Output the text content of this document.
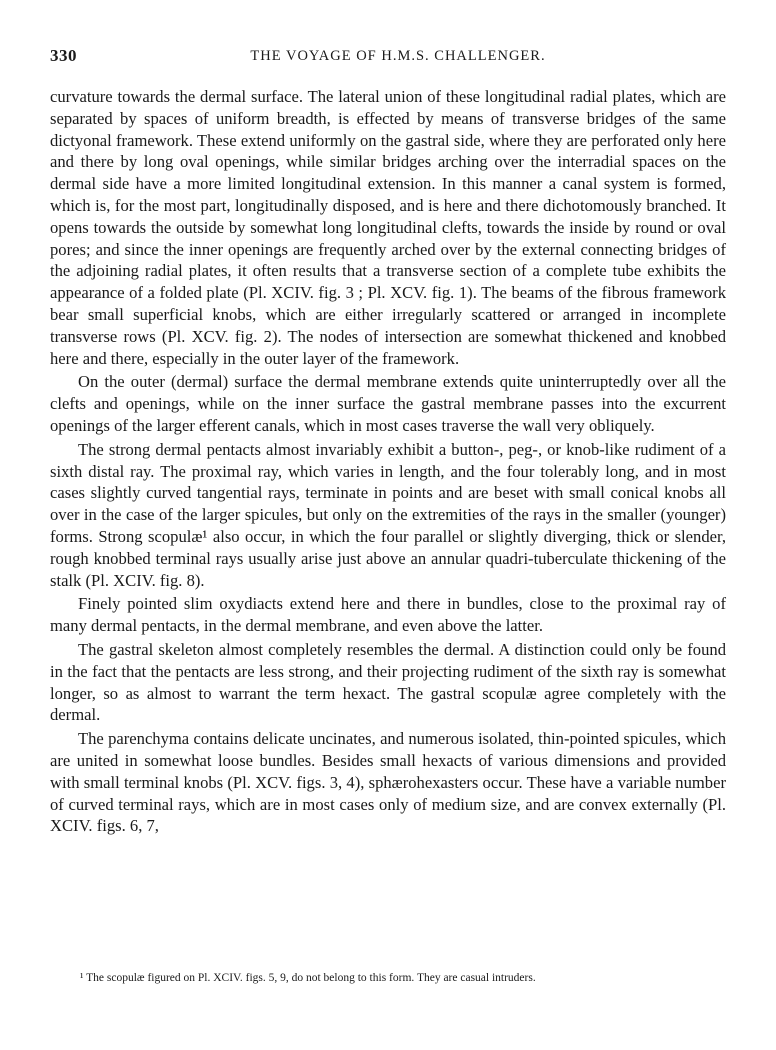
330	THE VOYAGE OF H.M.S. CHALLENGER.

curvature towards the dermal surface. The lateral union of these longitudinal radial plates, which are separated by spaces of uniform breadth, is effected by means of transverse bridges of the same dictyonal framework. These extend uniformly on the gastral side, where they are perforated only here and there by long oval openings, while similar bridges arching over the interradial spaces on the dermal side have a more limited longitudinal extension. In this manner a canal system is formed, which is, for the most part, longitudinally disposed, and is here and there dichotomously branched. It opens towards the outside by somewhat long longitudinal clefts, towards the inside by round or oval pores; and since the inner openings are frequently arched over by the external connecting bridges of the adjoining radial plates, it often results that a transverse section of a complete tube exhibits the appearance of a folded plate (Pl. XCIV. fig. 3 ; Pl. XCV. fig. 1). The beams of the fibrous framework bear small superficial knobs, which are either irregularly scattered or arranged in incomplete transverse rows (Pl. XCV. fig. 2). The nodes of intersection are somewhat thickened and knobbed here and there, especially in the outer layer of the framework.

On the outer (dermal) surface the dermal membrane extends quite uninterruptedly over all the clefts and openings, while on the inner surface the gastral membrane passes into the excurrent openings of the larger efferent canals, which in most cases traverse the wall very obliquely.

The strong dermal pentacts almost invariably exhibit a button-, peg-, or knob-like rudiment of a sixth distal ray. The proximal ray, which varies in length, and the four tolerably long, and in most cases slightly curved tangential rays, terminate in points and are beset with small conical knobs all over in the case of the larger spicules, but only on the extremities of the rays in the smaller (younger) forms. Strong scopulæ¹ also occur, in which the four parallel or slightly diverging, thick or slender, rough knobbed terminal rays usually arise just above an annular quadri-tuberculate thickening of the stalk (Pl. XCIV. fig. 8).

Finely pointed slim oxydiacts extend here and there in bundles, close to the proximal ray of many dermal pentacts, in the dermal membrane, and even above the latter.

The gastral skeleton almost completely resembles the dermal. A distinction could only be found in the fact that the pentacts are less strong, and their projecting rudiment of the sixth ray is somewhat longer, so as almost to warrant the term hexact. The gastral scopulæ agree completely with the dermal.

The parenchyma contains delicate uncinates, and numerous isolated, thin-pointed spicules, which are united in somewhat loose bundles. Besides small hexacts of various dimensions and provided with small terminal knobs (Pl. XCV. figs. 3, 4), sphærohexasters occur. These have a variable number of curved terminal rays, which are in most cases only of medium size, and are convex externally (Pl. XCIV. figs. 6, 7,

¹ The scopulæ figured on Pl. XCIV. figs. 5, 9, do not belong to this form. They are casual intruders.
